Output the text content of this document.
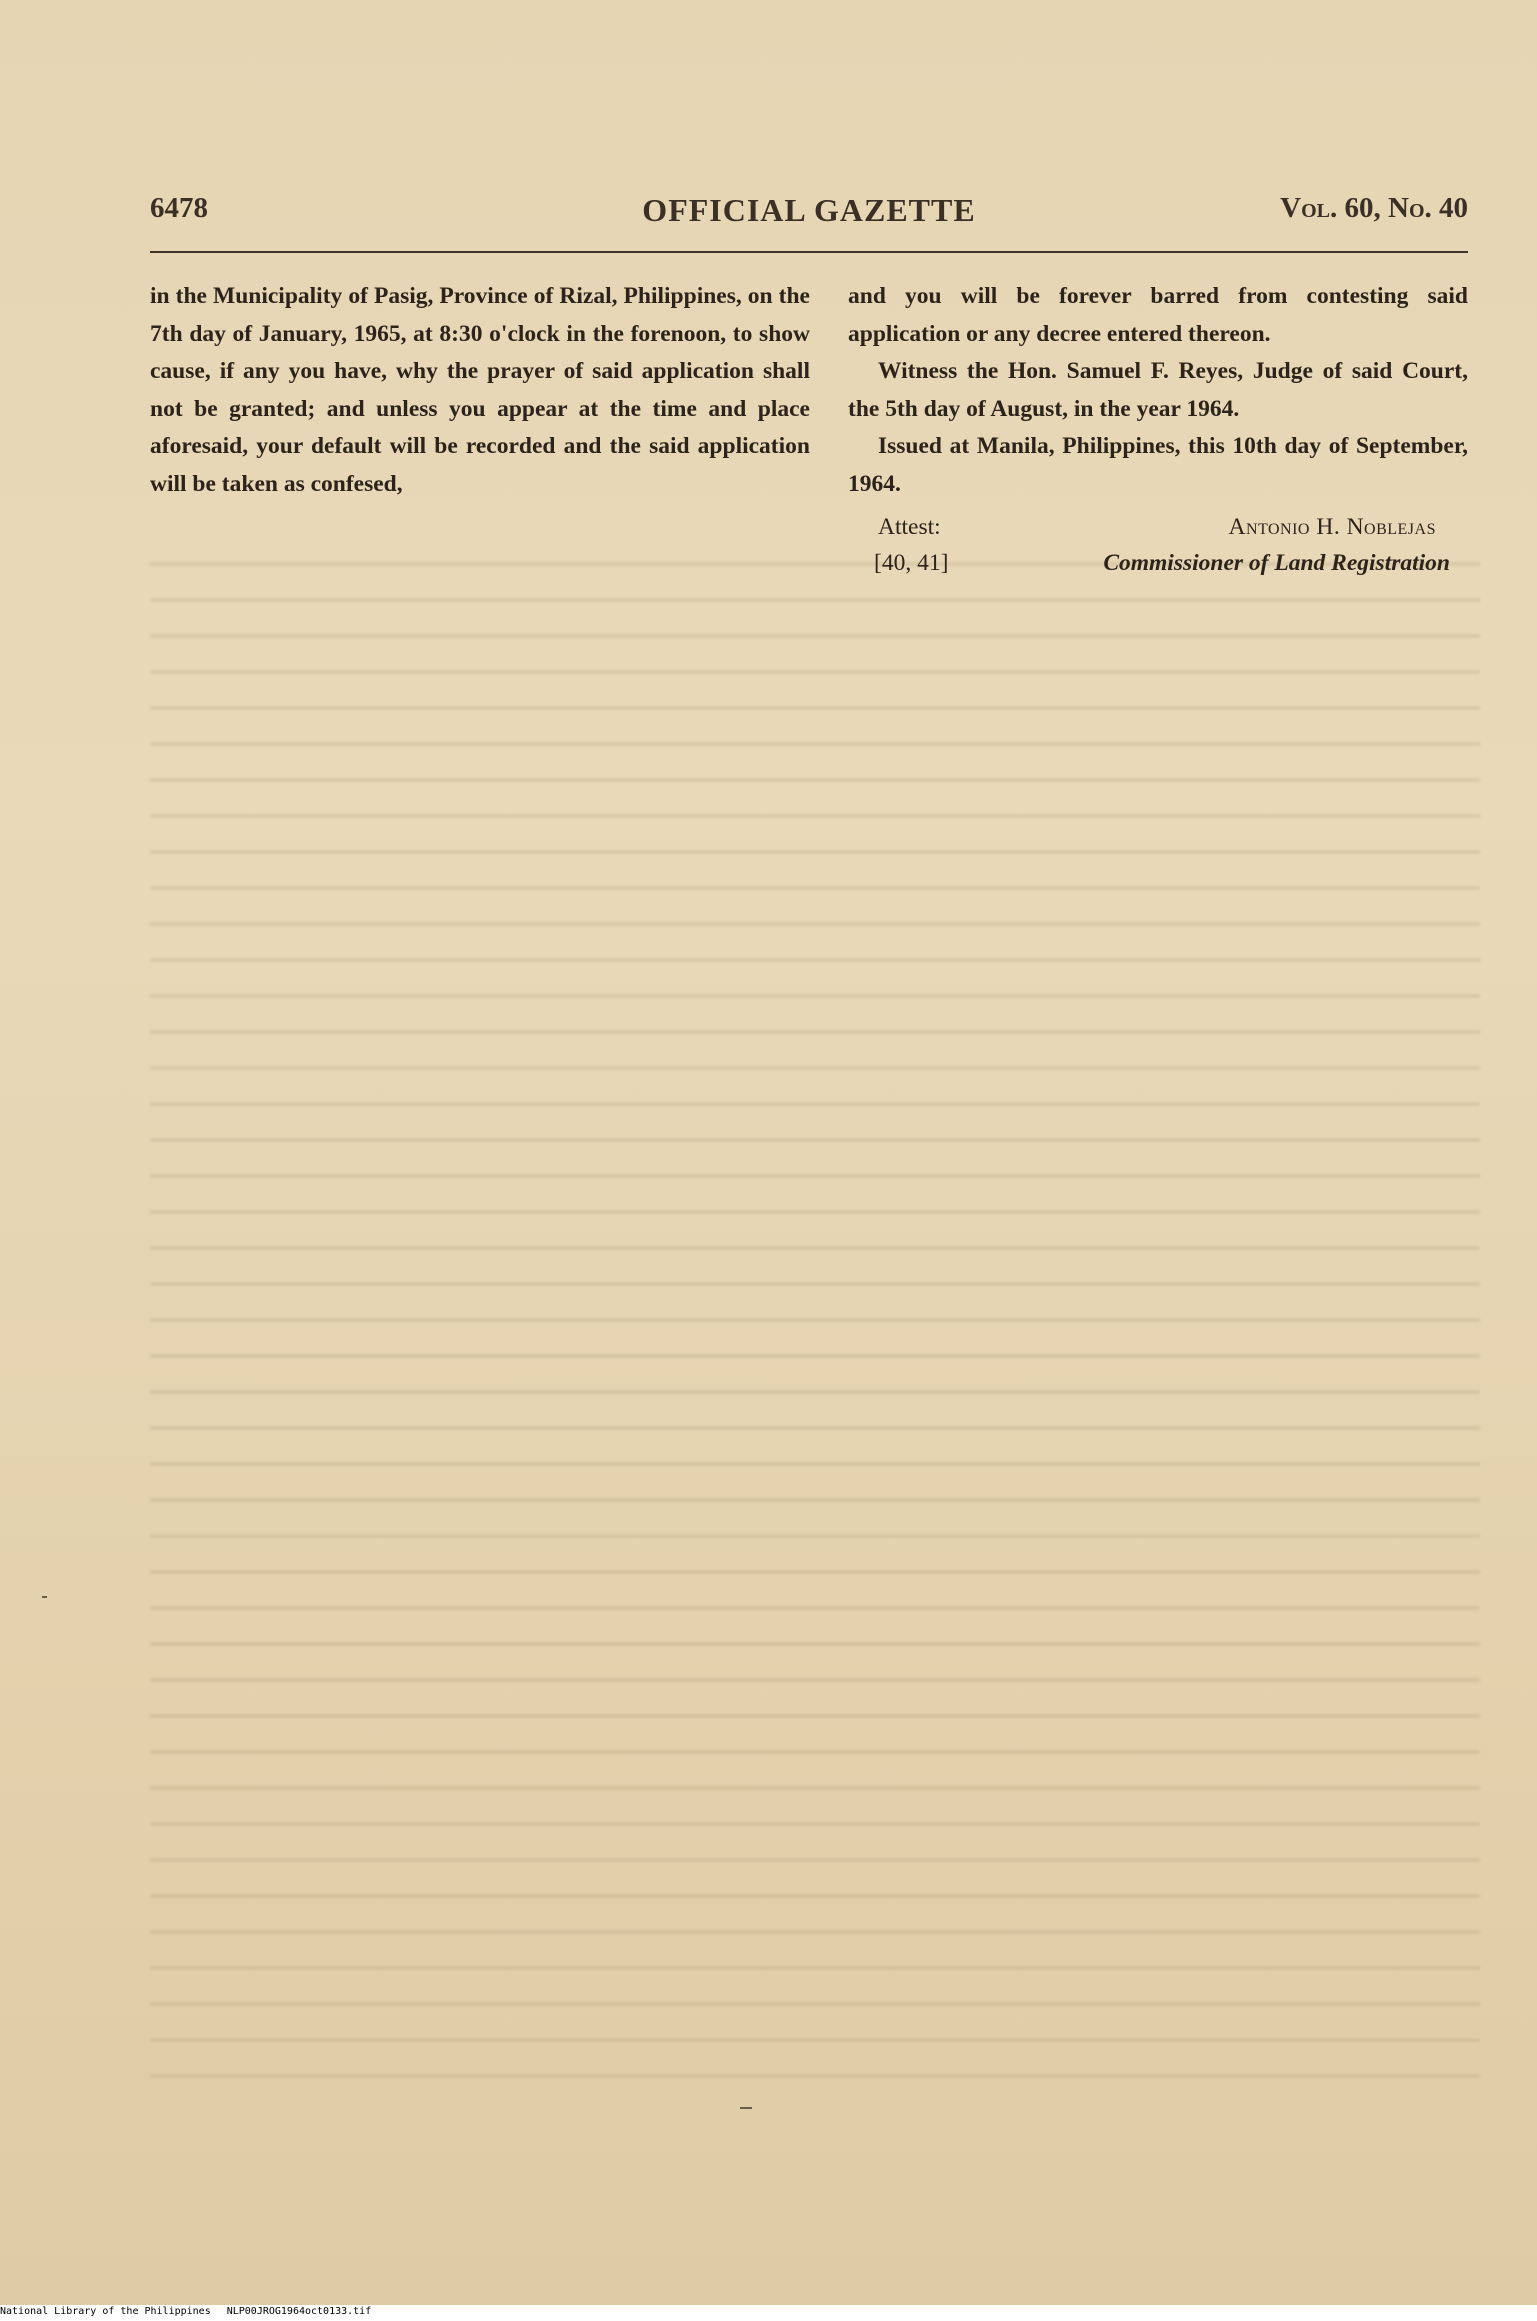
6478	OFFICIAL GAZETTE	Vol. 60, No. 40

in the Municipality of Pasig, Province of Rizal, Philippines, on the 7th day of January, 1965, at 8:30 o'clock in the forenoon, to show cause, if any you have, why the prayer of said application shall not be granted; and unless you appear at the time and place aforesaid, your default will be recorded and the said application will be taken as confesed,

and you will be forever barred from contesting said application or any decree entered thereon.

Witness the Hon. Samuel F. Reyes, Judge of said Court, the 5th day of August, in the year 1964.

Issued at Manila, Philippines, this 10th day of September, 1964.

Attest:	Antonio H. Noblejas
[40, 41]	Commissioner of Land Registration
National Library of the Philippines NLP00JROG1964oct0133.tif
